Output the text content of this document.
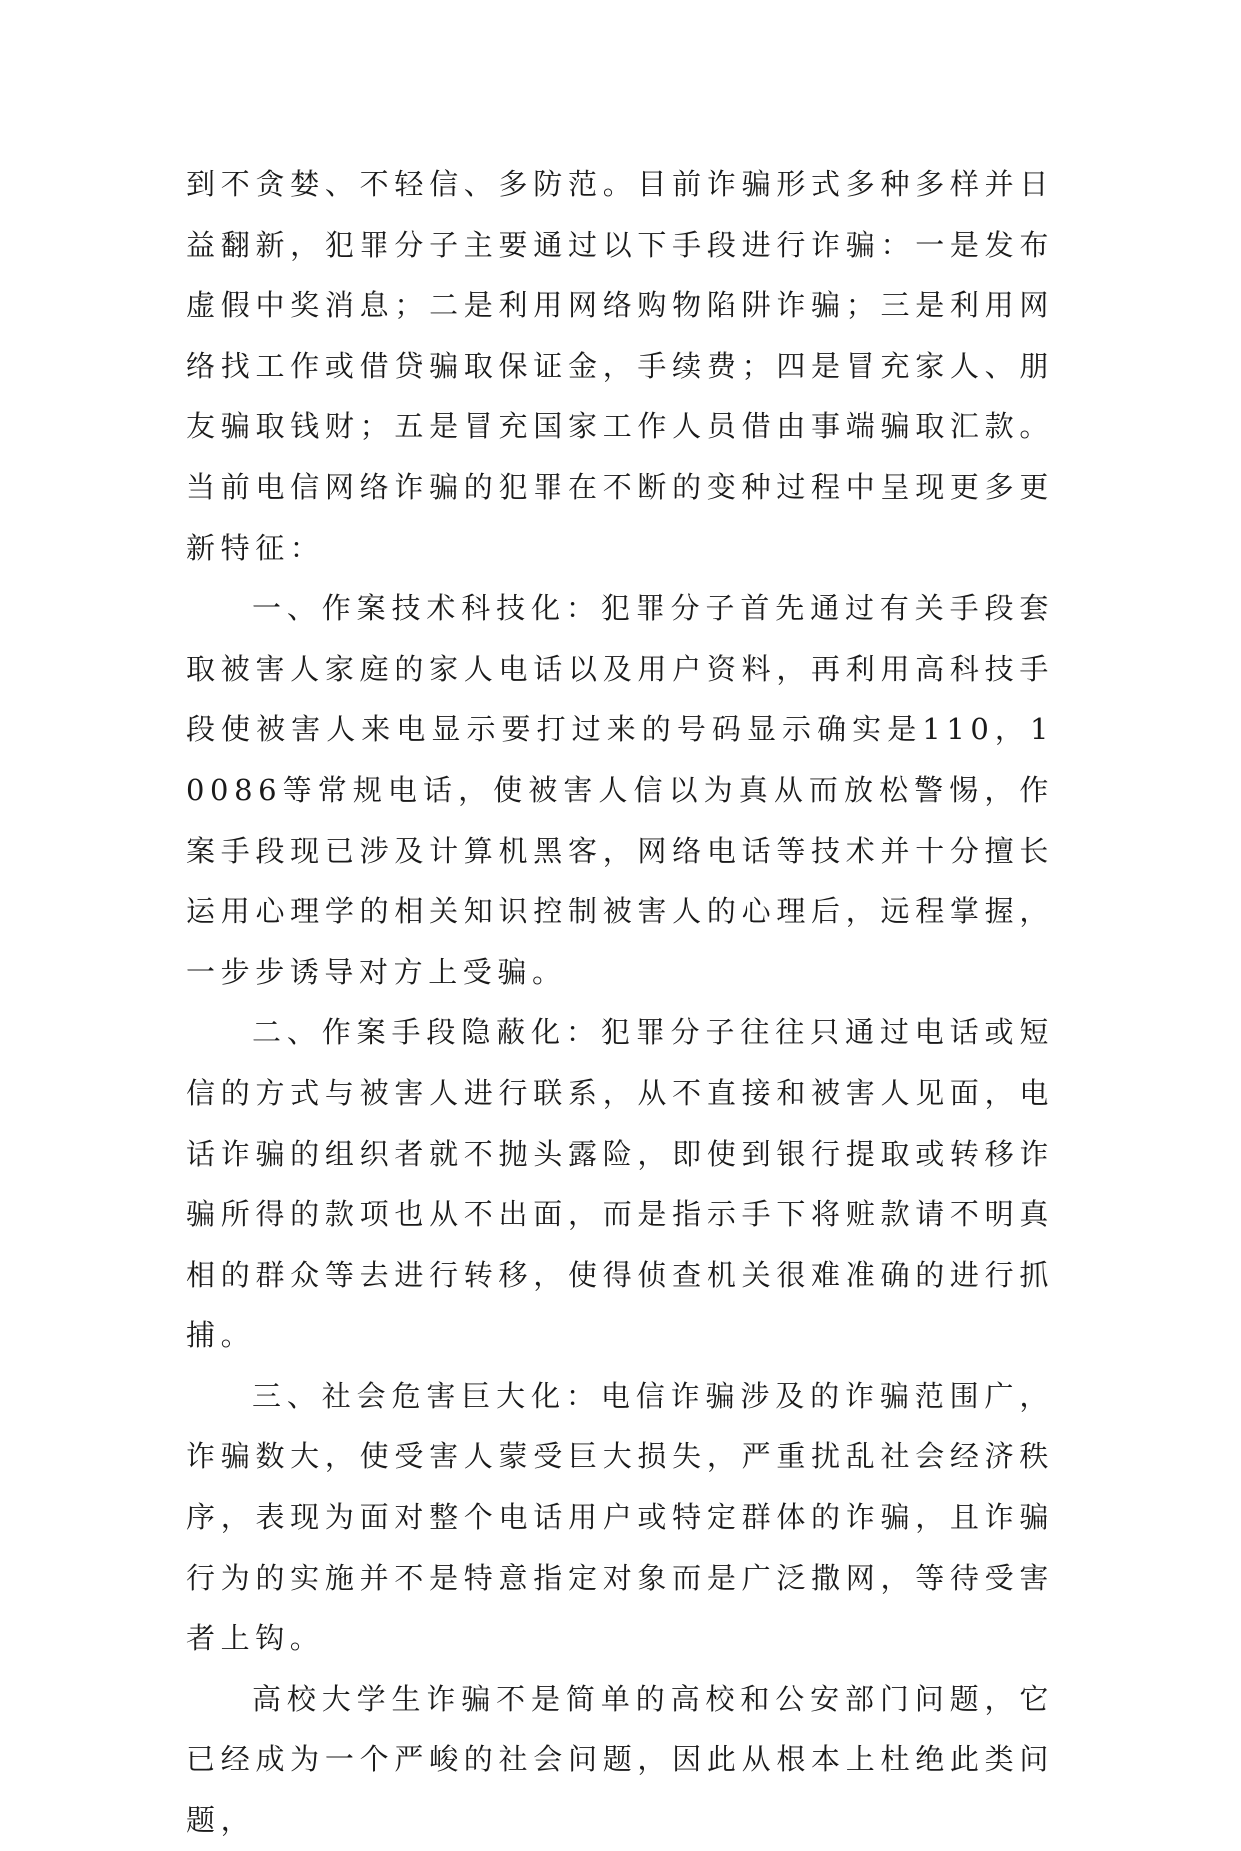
到不贪婪、不轻信、多防范。目前诈骗形式多种多样并日益翻新，犯罪分子主要通过以下手段进行诈骗：一是发布虚假中奖消息；二是利用网络购物陷阱诈骗；三是利用网络找工作或借贷骗取保证金，手续费；四是冒充家人、朋友骗取钱财；五是冒充国家工作人员借由事端骗取汇款。当前电信网络诈骗的犯罪在不断的变种过程中呈现更多更新特征：

一、作案技术科技化：犯罪分子首先通过有关手段套取被害人家庭的家人电话以及用户资料，再利用高科技手段使被害人来电显示要打过来的号码显示确实是110，10086等常规电话，使被害人信以为真从而放松警惕，作案手段现已涉及计算机黑客，网络电话等技术并十分擅长运用心理学的相关知识控制被害人的心理后，远程掌握，一步步诱导对方上受骗。

二、作案手段隐蔽化：犯罪分子往往只通过电话或短信的方式与被害人进行联系，从不直接和被害人见面，电话诈骗的组织者就不抛头露险，即使到银行提取或转移诈骗所得的款项也从不出面，而是指示手下将赃款请不明真相的群众等去进行转移，使得侦查机关很难准确的进行抓捕。

三、社会危害巨大化：电信诈骗涉及的诈骗范围广，诈骗数大，使受害人蒙受巨大损失，严重扰乱社会经济秩序，表现为面对整个电话用户或特定群体的诈骗，且诈骗行为的实施并不是特意指定对象而是广泛撒网，等待受害者上钩。

高校大学生诈骗不是简单的高校和公安部门问题，它已经成为一个严峻的社会问题，因此从根本上杜绝此类问题，
